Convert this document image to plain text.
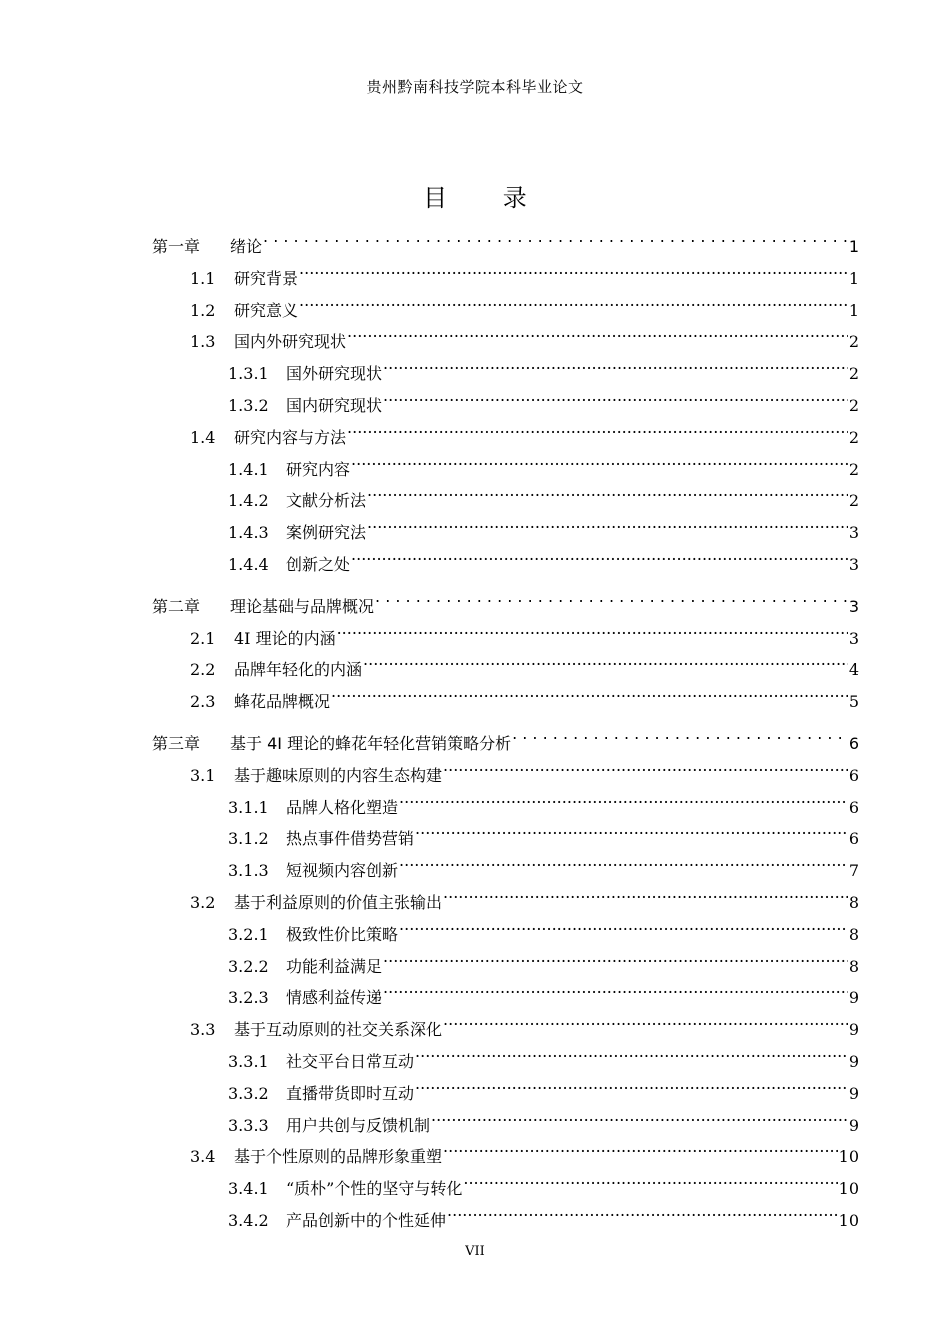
贵州黔南科技学院本科毕业论文
目 录
第一章	绪论 . . .	1
1.1	研究背景 .....	1
1.2	研究意义 .....	1
1.3	国内外研究现状 .....	2
1.3.1	国外研究现状 .....	2
1.3.2	国内研究现状 .....	2
1.4	研究内容与方法 .....	2
1.4.1	研究内容 .....	2
1.4.2	文献分析法 .....	2
1.4.3	案例研究法 .....	3
1.4.4	创新之处 .....	3
第二章	理论基础与品牌概况 . . .	3
2.1	4I 理论的内涵 .....	3
2.2	品牌年轻化的内涵 .....	4
2.3	蜂花品牌概况 .....	5
第三章	基于 4I 理论的蜂花年轻化营销策略分析 . . .	6
3.1	基于趣味原则的内容生态构建 .....	6
3.1.1	品牌人格化塑造 .....	6
3.1.2	热点事件借势营销 .....	6
3.1.3	短视频内容创新 .....	7
3.2	基于利益原则的价值主张输出 .....	8
3.2.1	极致性价比策略 .....	8
3.2.2	功能利益满足 .....	8
3.2.3	情感利益传递 .....	9
3.3	基于互动原则的社交关系深化 .....	9
3.3.1	社交平台日常互动 .....	9
3.3.2	直播带货即时互动 .....	9
3.3.3	用户共创与反馈机制 .....	9
3.4	基于个性原则的品牌形象重塑 .....	10
3.4.1	“质朴”个性的坚守与转化 .....	10
3.4.2	产品创新中的个性延伸 .....	10
VII
